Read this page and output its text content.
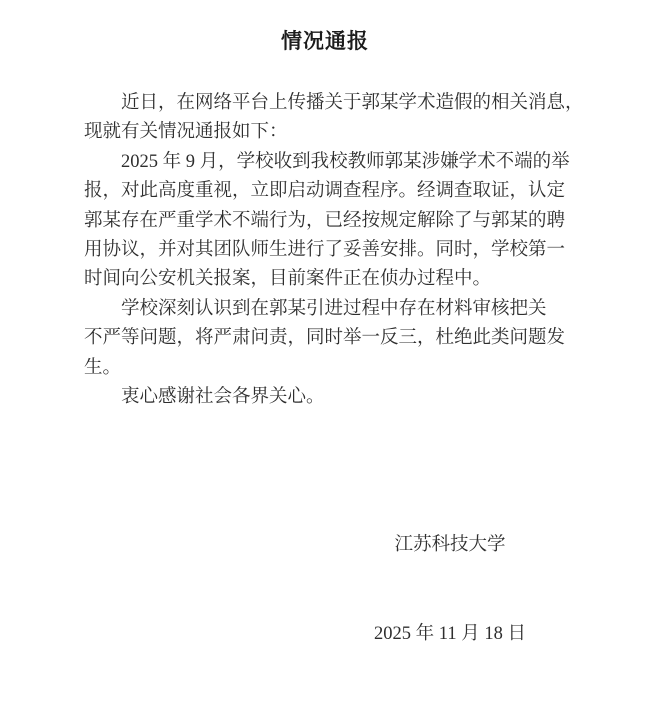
情况通报
近日，在网络平台上传播关于郭某学术造假的相关消息，
现就有关情况通报如下：
2025 年 9 月，学校收到我校教师郭某涉嫌学术不端的举
报，对此高度重视，立即启动调查程序。经调查取证，认定
郭某存在严重学术不端行为，已经按规定解除了与郭某的聘
用协议，并对其团队师生进行了妥善安排。同时，学校第一
时间向公安机关报案，目前案件正在侦办过程中。
学校深刻认识到在郭某引进过程中存在材料审核把关
不严等问题，将严肃问责，同时举一反三，杜绝此类问题发
生。
衷心感谢社会各界关心。

江苏科技大学

2025 年 11 月 18 日
